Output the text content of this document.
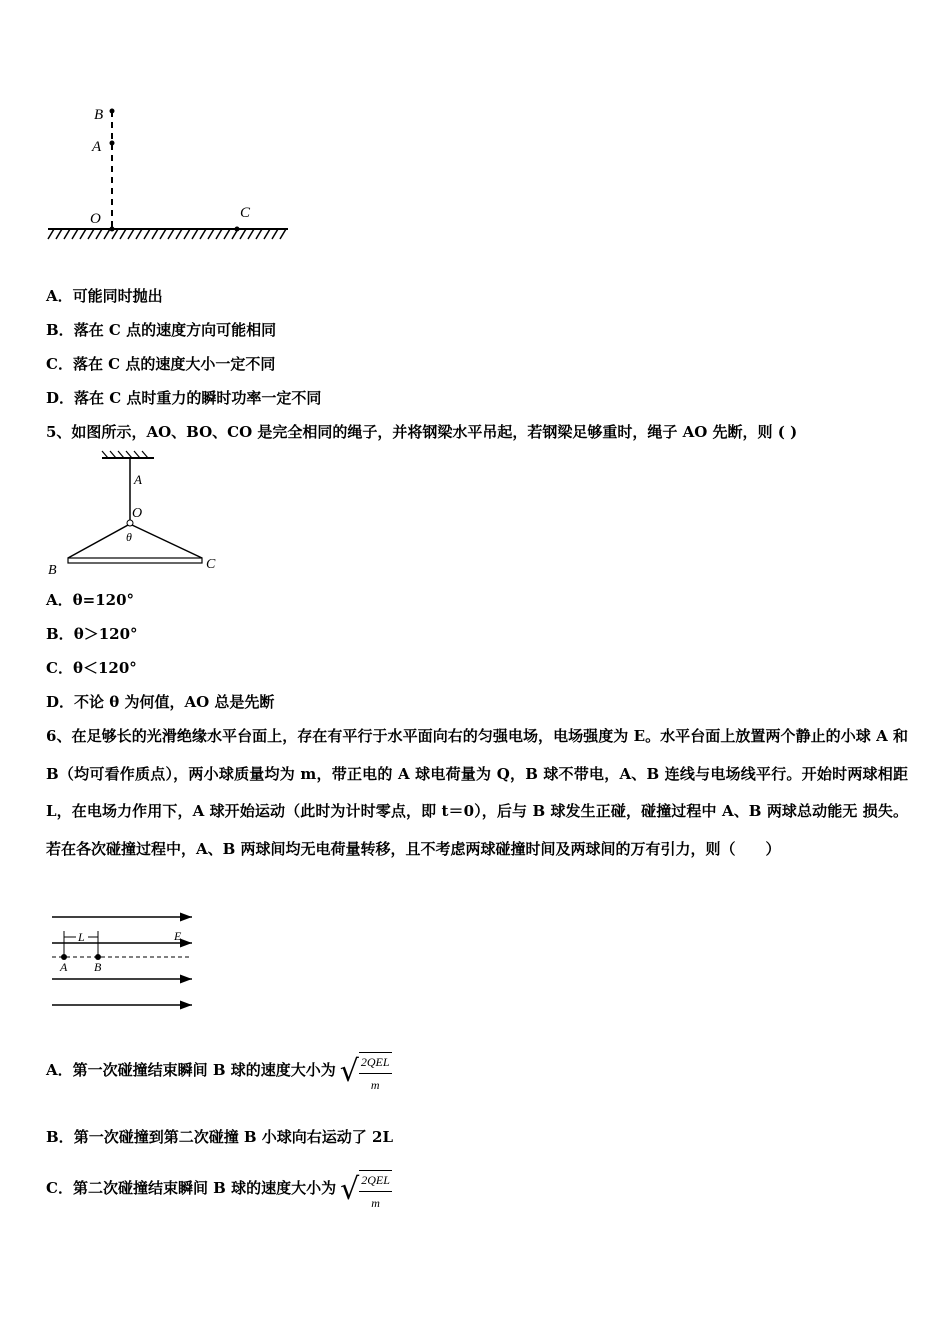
B
A
O	C
A．可能同时抛出
B．落在 C 点的速度方向可能相同
C．落在 C 点的速度大小一定不同
D．落在 C 点时重力的瞬时功率一定不同
5、如图所示，AO、BO、CO 是完全相同的绳子，并将钢梁水平吊起，若钢梁足够重时，绳子 AO 先断，则 ( )
A
O
θ
B	C
A．θ=120°
B．θ＞120°
C．θ＜120°
D．不论 θ 为何值，AO 总是先断
6、在足够长的光滑绝缘水平台面上，存在有平行于水平面向右的匀强电场，电场强度为 E。水平台面上放置两个静止的小球 A 和 B（均可看作质点），两小球质量均为 m，带正电的 A 球电荷量为 Q，B 球不带电，A、B 连线与电场线平行。开始时两球相距 L，在电场力作用下，A 球开始运动（此时为计时零点，即 t＝0），后与 B 球发生正碰，碰撞过程中 A、B 两球总动能无 损失。若在各次碰撞过程中，A、B 两球间均无电荷量转移，且不考虑两球碰撞时间及两球间的万有引力，则（　　）
L	E
A B
A．第一次碰撞结束瞬间 B 球的速度大小为 √ $\frac{\text{2QEL}}{m}$
B．第一次碰撞到第二次碰撞 B 小球向右运动了 2L
C．第二次碰撞结束瞬间 B 球的速度大小为 √ $\frac{\text{2QEL}}{m}$
